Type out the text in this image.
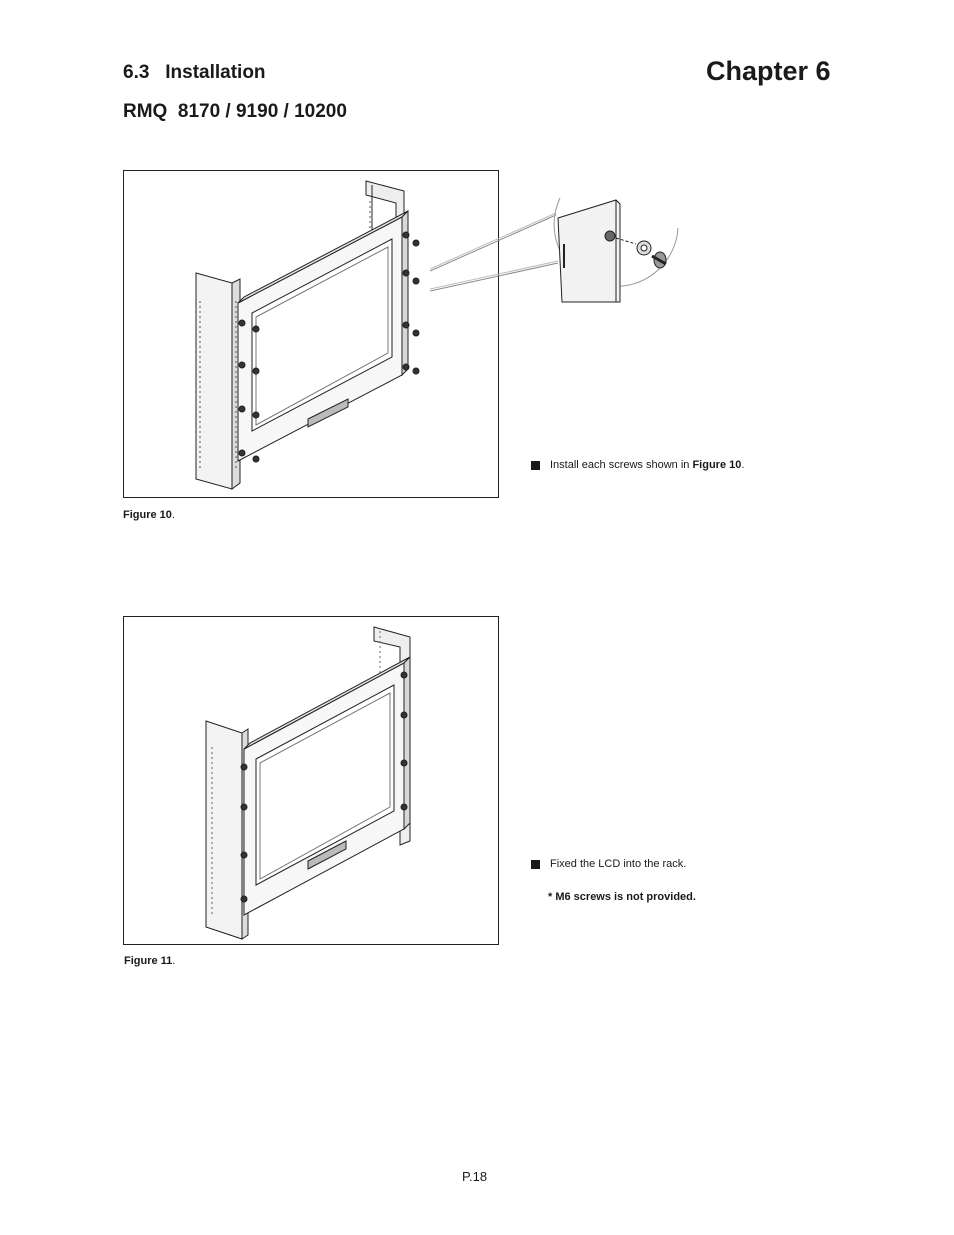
6.3   Installation	Chapter 6
RMQ  8170 / 9190 / 10200
Figure 10.
Install each screws shown in Figure 10 .
Figure 11.
Fixed the LCD into the rack.
* M6 screws is not provided.
P.18
